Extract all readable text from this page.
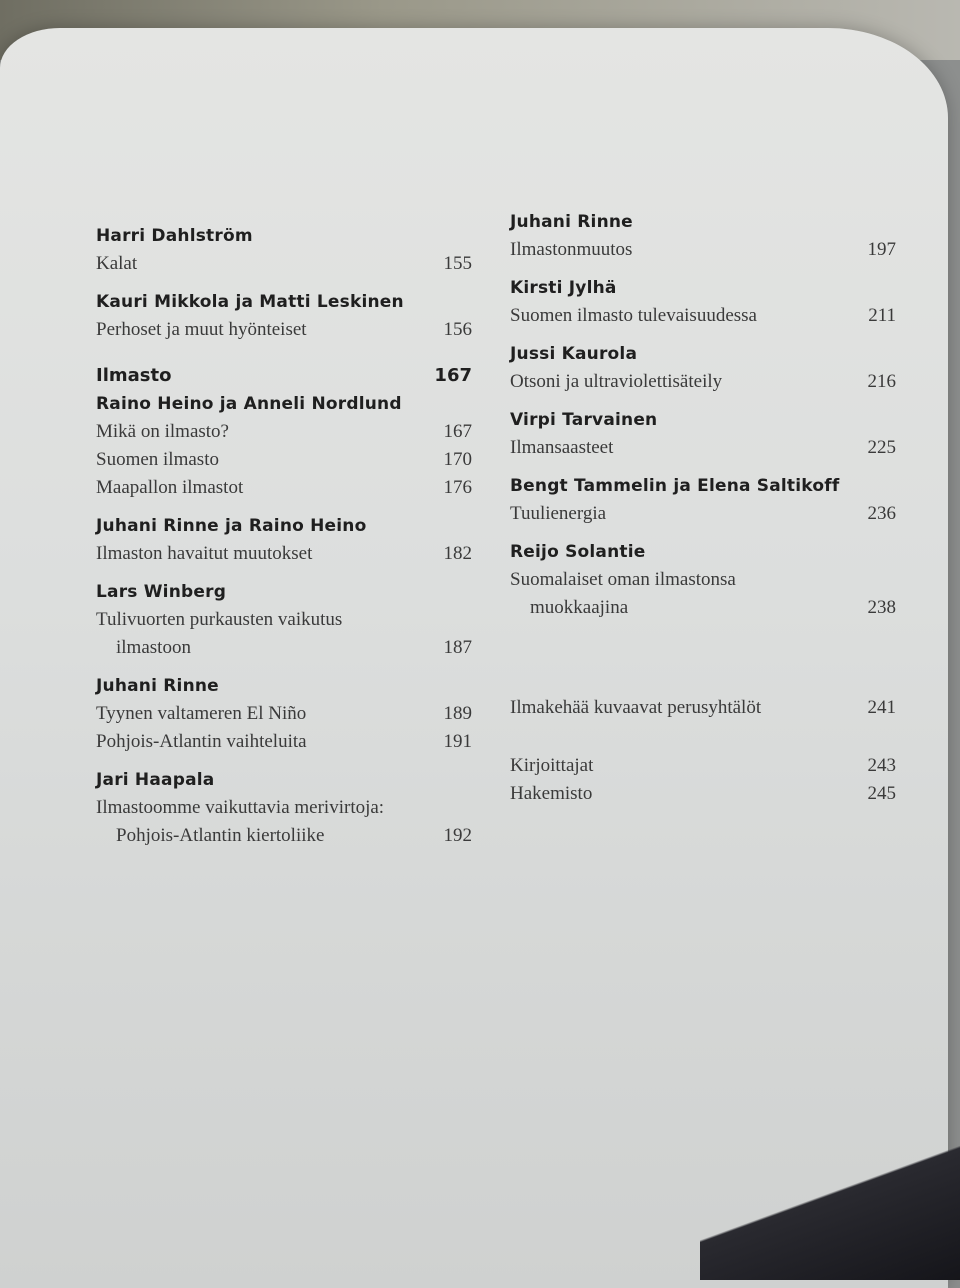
Harri Dahlström

Kalat	155

Kauri Mikkola ja Matti Leskinen

Perhoset ja muut hyönteiset	156
Ilmasto	167

Raino Heino ja Anneli Nordlund

Mikä on ilmasto?	167
Suomen ilmasto	170
Maapallon ilmastot	176

Juhani Rinne ja Raino Heino

Ilmaston havaitut muutokset	182

Lars Winberg

Tulivuorten purkausten vaikutus
ilmastoon	187

Juhani Rinne

Tyynen valtameren El Niño	189
Pohjois-Atlantin vaihteluita	191

Jari Haapala

Ilmastoomme vaikuttavia merivirtoja:
Pohjois-Atlantin kiertoliike	192

Juhani Rinne

Ilmastonmuutos	197

Kirsti Jylhä

Suomen ilmasto tulevaisuudessa	211

Jussi Kaurola

Otsoni ja ultraviolettisäteily	216

Virpi Tarvainen

Ilmansaasteet	225

Bengt Tammelin ja Elena Saltikoff

Tuulienergia	236

Reijo Solantie

Suomalaiset oman ilmastonsa
muokkaajina	238
Ilmakehää kuvaavat perusyhtälöt	241
Kirjoittajat	243
Hakemisto	245
